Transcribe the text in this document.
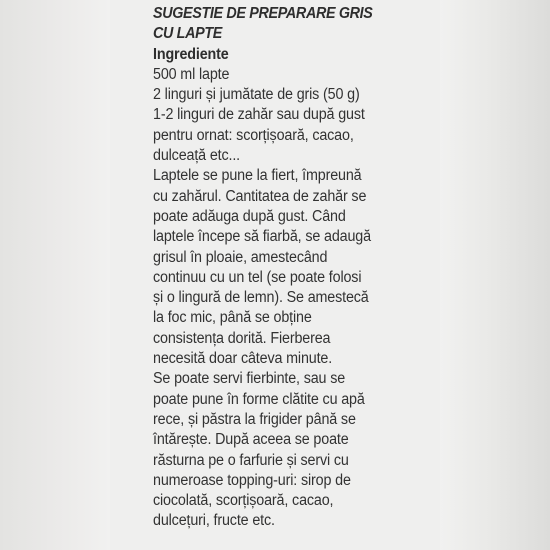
SUGESTIE DE PREPARARE GRIS
CU LAPTE
Ingrediente
500 ml lapte
2 linguri și jumătate de gris (50 g)
1-2 linguri de zahăr sau după gust
pentru ornat: scorțișoară, cacao,
dulceață etc...
Laptele se pune la fiert, împreună
cu zahărul. Cantitatea de zahăr se
poate adăuga după gust. Când
laptele începe să fiarbă, se adaugă
grisul în ploaie, amestecând
continuu cu un tel (se poate folosi
și o lingură de lemn). Se amestecă
la foc mic, până se obține
consistența dorită. Fierberea
necesită doar câteva minute.
Se poate servi fierbinte, sau se
poate pune în forme clătite cu apă
rece, și păstra la frigider până se
întărește. După aceea se poate
răsturna pe o farfurie și servi cu
numeroase topping-uri: sirop de
ciocolată, scorțișoară, cacao,
dulcețuri, fructe etc.
